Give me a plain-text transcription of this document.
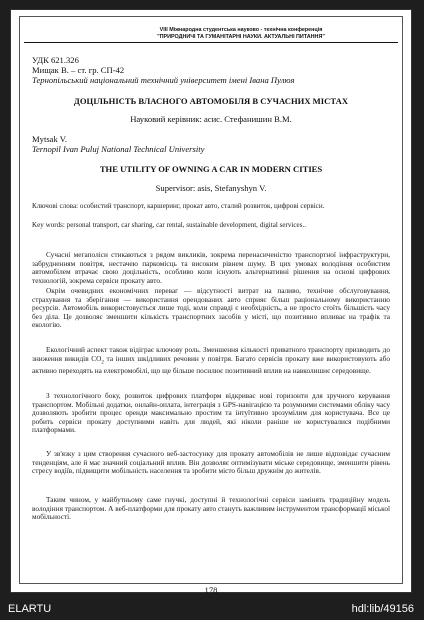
VIII Міжнародна студентська науково - технічна конференція
"ПРИРОДНИЧІ ТА ГУМАНІТАРНІ НАУКИ. АКТУАЛЬНІ ПИТАННЯ"
УДК 621.326
Мищак В. – ст. гр. СП-42
Тернопільський національний технічний університет імені Івана Пулюя
ДОЦІЛЬНІСТЬ ВЛАСНОГО АВТОМОБІЛЯ В СУЧАСНИХ МІСТАХ
Науковий керівник: асис. Стефанишин В.М.
Mytsak V.
Ternopil Ivan Puluj National Technical University
THE UTILITY OF OWNING A CAR IN MODERN CITIES
Supervisor: asis, Stefanyshyn V.
Ключові слова: особистий транспорт, каршеринг, прокат авто, сталий розвиток, цифрові сервіси.
Key words: personal transport, car sharing, car rental, sustainable development, digital services..
Сучасні мегаполіси стикаються з рядом викликів, зокрема перенасиченістю транспортної інфраструктури, забрудненням повітря, нестачею паркомісць та високим рівнем шуму. В цих умовах володіння особистим автомобілем втрачає свою доцільність, особливо коли існують альтернативні рішення на основі цифрових технологій, зокрема сервіси прокату авто.
Окрім очевидних економічних переваг — відсутності витрат на паливо, технічне обслуговування, страхування та зберігання — використання орендованих авто сприяє більш раціональному використанню ресурсів. Автомобіль використовується лише тоді, коли справді є необхідність, а не просто стоїть більшість часу без діла. Це дозволяє зменшити кількість транспортних засобів у місті, що позитивно впливає на трафік та екологію.
Екологічний аспект також відіграє ключову роль. Зменшення кількості приватного транспорту призводить до зниження викидів $CO_2$ та інших шкідливих речовин у повітря. Багато сервісів прокату вже використовують або активно переходять на електромобілі, що ще більше посилює позитивний вплив на навколишнє середовище.
З технологічного боку, розвиток цифрових платформ відкриває нові горизонти для зручного керування транспортом. Мобільні додатки, онлайн-оплата, інтеграція з GPS-навігацією та розумними системами обліку часу дозволяють зробити процес оренди максимально простим та інтуїтивно зрозумілим для користувача. Все це робить сервіси прокату доступними навіть для людей, які ніколи раніше не користувалися подібними платформами.
У зв'язку з цим створення сучасного веб-застосунку для прокату автомобілів не лише відповідає сучасним тенденціям, але й має значний соціальний вплив. Він дозволяє оптимізувати міське середовище, зменшити рівень стресу водіїв, підвищити мобільність населення та зробити місто більш дружнім до жителів.
Таким чином, у майбутньому саме гнучкі, доступні й технологічні сервіси замінять традиційну модель володіння транспортом. А веб-платформи для прокату авто стануть важливим інструментом трансформації міської мобільності.
178
ELARTU	hdl:lib/49156
